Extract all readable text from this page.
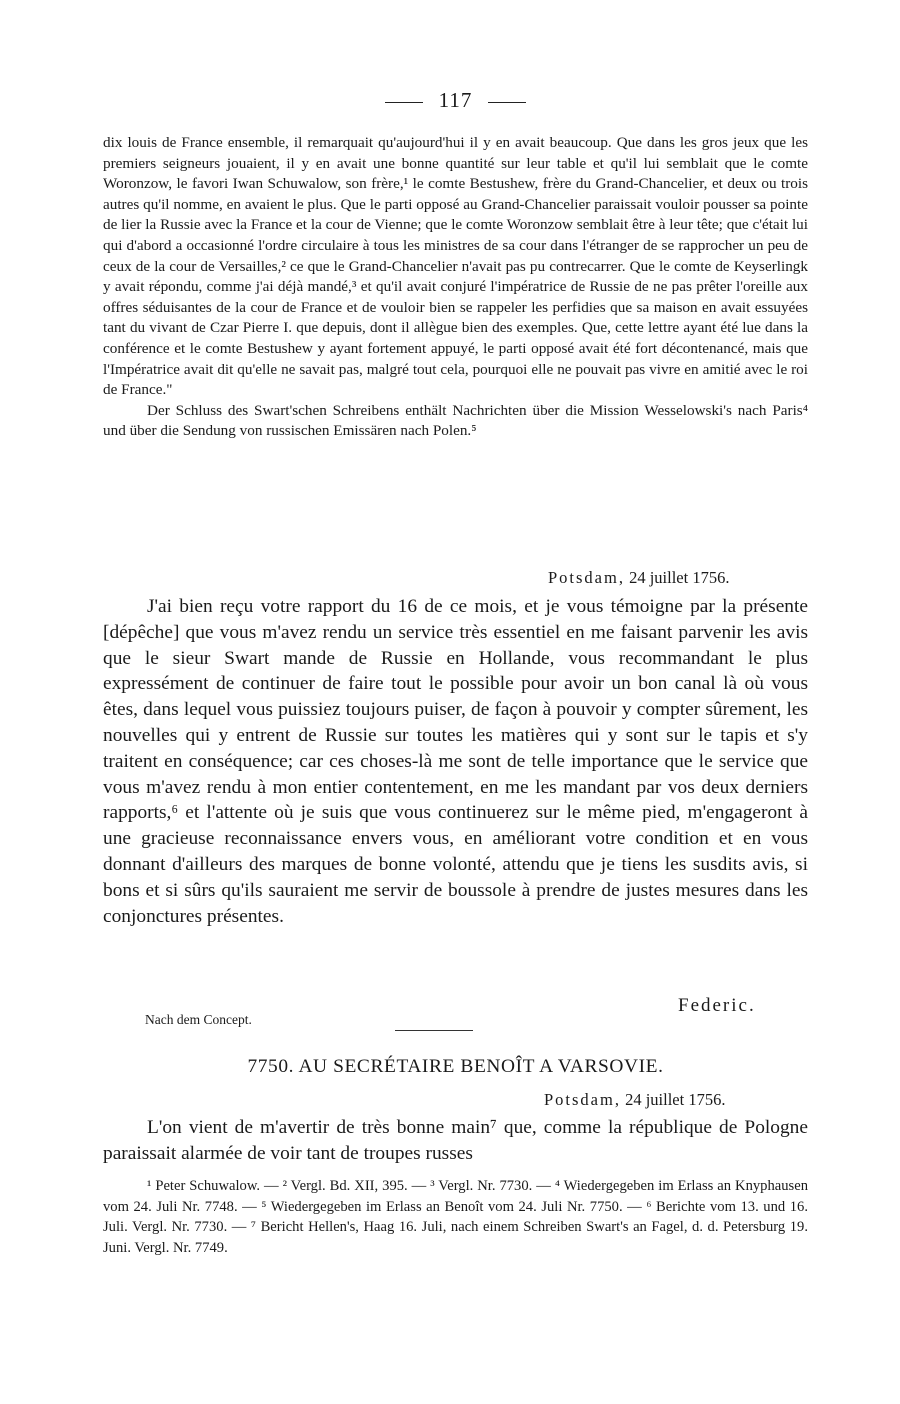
117

dix louis de France ensemble, il remarquait qu'aujourd'hui il y en avait beaucoup. Que dans les gros jeux que les premiers seigneurs jouaient, il y en avait une bonne quantité sur leur table et qu'il lui semblait que le comte Woronzow, le favori Iwan Schuwalow, son frère,¹ le comte Bestushew, frère du Grand-Chancelier, et deux ou trois autres qu'il nomme, en avaient le plus. Que le parti opposé au Grand-Chancelier paraissait vouloir pousser sa pointe de lier la Russie avec la France et la cour de Vienne; que le comte Woronzow semblait être à leur tête; que c'était lui qui d'abord a occasionné l'ordre circulaire à tous les ministres de sa cour dans l'étranger de se rapprocher un peu de ceux de la cour de Versailles,² ce que le Grand-Chancelier n'avait pas pu contrecarrer. Que le comte de Keyserlingk y avait répondu, comme j'ai déjà mandé,³ et qu'il avait conjuré l'impératrice de Russie de ne pas prêter l'oreille aux offres séduisantes de la cour de France et de vouloir bien se rappeler les perfidies que sa maison en avait essuyées tant du vivant de Czar Pierre I. que depuis, dont il allègue bien des exemples. Que, cette lettre ayant été lue dans la conférence et le comte Bestushew y ayant fortement appuyé, le parti opposé avait été fort décontenancé, mais que l'Impératrice avait dit qu'elle ne savait pas, malgré tout cela, pourquoi elle ne pouvait pas vivre en amitié avec le roi de France."

Der Schluss des Swart'schen Schreibens enthält Nachrichten über die Mission Wesselowski's nach Paris⁴ und über die Sendung von russischen Emissären nach Polen.⁵

Potsdam, 24 juillet 1756.

J'ai bien reçu votre rapport du 16 de ce mois, et je vous témoigne par la présente [dépêche] que vous m'avez rendu un service très essentiel en me faisant parvenir les avis que le sieur Swart mande de Russie en Hollande, vous recommandant le plus expressément de continuer de faire tout le possible pour avoir un bon canal là où vous êtes, dans lequel vous puissiez toujours puiser, de façon à pouvoir y compter sûrement, les nouvelles qui y entrent de Russie sur toutes les matières qui y sont sur le tapis et s'y traitent en conséquence; car ces choses-là me sont de telle importance que le service que vous m'avez rendu à mon entier contentement, en me les mandant par vos deux derniers rapports,⁶ et l'attente où je suis que vous continuerez sur le même pied, m'engageront à une gracieuse reconnaissance envers vous, en améliorant votre condition et en vous donnant d'ailleurs des marques de bonne volonté, attendu que je tiens les susdits avis, si bons et si sûrs qu'ils sauraient me servir de boussole à prendre de justes mesures dans les conjonctures présentes.

Federic.
Nach dem Concept.
7750. AU SECRÉTAIRE BENOÎT A VARSOVIE.
Potsdam, 24 juillet 1756.

L'on vient de m'avertir de très bonne main⁷ que, comme la république de Pologne paraissait alarmée de voir tant de troupes russes

¹ Peter Schuwalow. — ² Vergl. Bd. XII, 395. — ³ Vergl. Nr. 7730. — ⁴ Wiedergegeben im Erlass an Knyphausen vom 24. Juli Nr. 7748. — ⁵ Wiedergegeben im Erlass an Benoît vom 24. Juli Nr. 7750. — ⁶ Berichte vom 13. und 16. Juli. Vergl. Nr. 7730. — ⁷ Bericht Hellen's, Haag 16. Juli, nach einem Schreiben Swart's an Fagel, d. d. Petersburg 19. Juni. Vergl. Nr. 7749.
